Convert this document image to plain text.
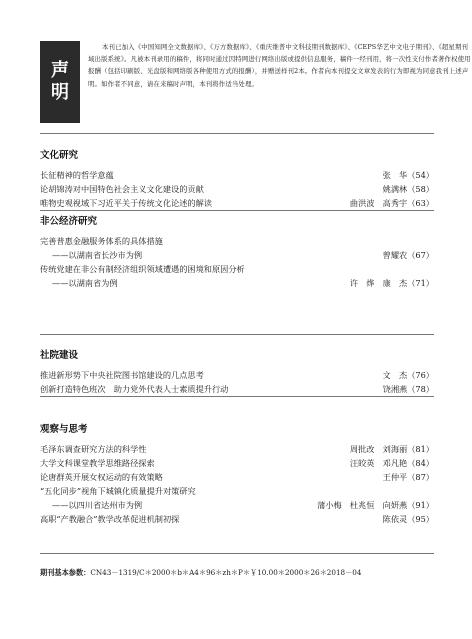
声
明
本刊已加入《中国知网全文数据库》、《万方数据库》、《重庆维普中文科技期刊数据库》、《CEPS华艺中文电子期刊》、《超星期刊域出版系统》。凡被本刊录用的稿件，将同时通过因特网进行网络出版或提供信息服务，稿件一经刊用，将一次性支付作者著作权使用报酬（包括印刷版、光盘版和网络版各种使用方式的报酬），并赠送样刊2本。作者向本刊提交文章发表的行为即视为同意我刊上述声明。如作者不同意，请在来稿时声明，本刊将作适当处理。
文化研究
长征精神的哲学意蕴	张　华（54）
论胡锦涛对中国特色社会主义文化建设的贡献	姚满林（58）
唯物史观视域下习近平关于传统文化论述的解读	曲洪波　高秀宇（63）
非公经济研究
完善普惠金融服务体系的具体措施
——以湖南省长沙市为例	曾耀农（67）
传统党建在非公有制经济组织领域遭遇的困境和原因分析
——以湖南省为例	许　烨　康　杰（71）
社院建设
推进新形势下中央社院图书馆建设的几点思考	文　杰（76）
创新打造特色班次　助力党外代表人士素质提升行动	饶湘燕（78）
观察与思考
毛泽东调查研究方法的科学性	周批改　刘海丽（81）
大学文科课堂教学思维路径探索	汪皎英　邓凡艳（84）
论唐群英开展女权运动的有效策略	王仲平（87）
“五化同步”视角下城镇化质量提升对策研究
——以四川省达州市为例	蒲小梅　杜兆恒　向妍燕（91）
高职“产教融合”教学改革促进机制初探	陈依灵（95）
期刊基本参数：CN43－1319/C＊2000＊b＊A4＊96＊zh＊P＊￥10.00＊2000＊26＊2018－04
